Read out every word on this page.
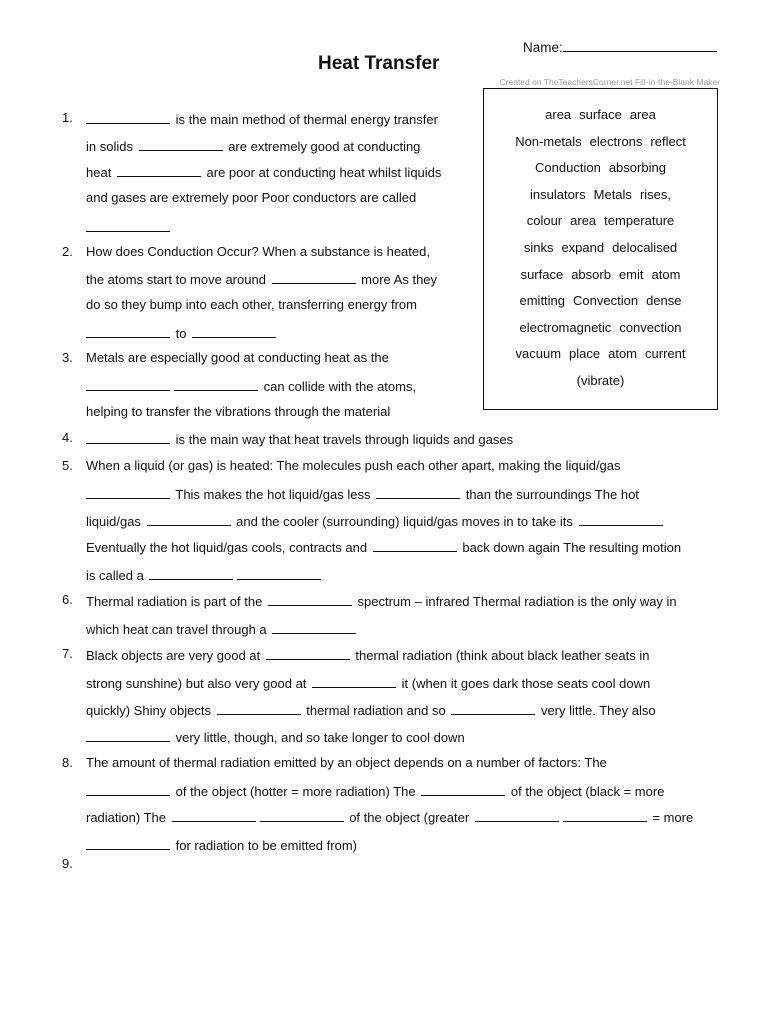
Name:
Heat Transfer
Created on TheTeachersCorner.net Fill-in-the-Blank Maker
area surface area
Non-metals electrons reflect
Conduction absorbing
insulators Metals rises,
colour area temperature
sinks expand delocalised
surface absorb emit atom
emitting Convection dense
electromagnetic convection
vacuum place atom current
(vibrate)
1.	is the main method of thermal energy transfer
in solids	are extremely good at conducting
heat	are poor at conducting heat whilst liquids
and gases are extremely poor Poor conductors are called
2. How does Conduction Occur? When a substance is heated,
the atoms start to move around	more As they
do so they bump into each other, transferring energy from
to
3. Metals are especially good at conducting heat as the
can collide with the atoms,
helping to transfer the vibrations through the material
4.	is the main way that heat travels through liquids and gases
5. When a liquid (or gas) is heated: The molecules push each other apart, making the liquid/gas
This makes the hot liquid/gas less	than the surroundings The hot
liquid/gas	and the cooler (surrounding) liquid/gas moves in to take its
Eventually the hot liquid/gas cools, contracts and	back down again The resulting motion
is called a
6. Thermal radiation is part of the	spectrum – infrared Thermal radiation is the only way in
which heat can travel through a
7. Black objects are very good at	thermal radiation (think about black leather seats in
strong sunshine) but also very good at	it (when it goes dark those seats cool down
quickly) Shiny objects	thermal radiation and so	very little. They also
very little, though, and so take longer to cool down
8. The amount of thermal radiation emitted by an object depends on a number of factors: The
of the object (hotter = more radiation) The	of the object (black = more
radiation) The	of the object (greater	= more
for radiation to be emitted from)
9.
